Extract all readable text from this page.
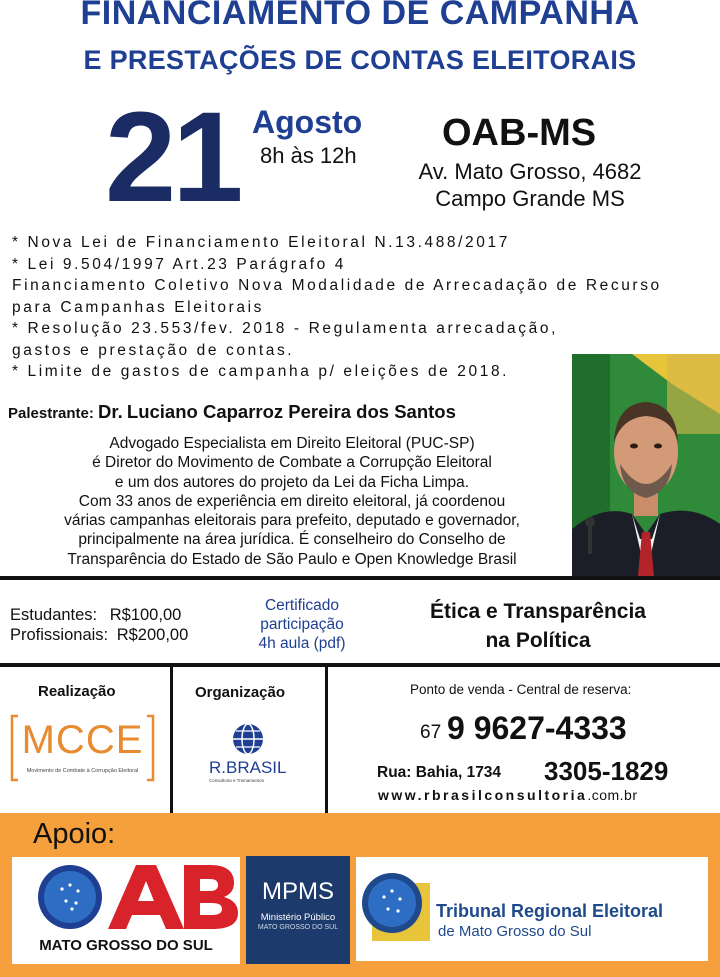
FINANCIAMENTO DE CAMPANHA
E PRESTAÇÕES DE CONTAS ELEITORAIS
21 Agosto
8h às 12h
OAB-MS
Av. Mato Grosso, 4682
Campo Grande MS
* Nova Lei de Financiamento Eleitoral N.13.488/2017
* Lei 9.504/1997 Art.23 Parágrafo 4
Financiamento Coletivo Nova Modalidade de Arrecadação de Recurso
para Campanhas Eleitorais
* Resolução 23.553/fev. 2018 - Regulamenta arrecadação,
gastos e prestação de contas.
* Limite de gastos de campanha p/ eleições de 2018.
Palestrante: Dr. Luciano Caparroz Pereira dos Santos
Advogado Especialista em Direito Eleitoral (PUC-SP)
é Diretor do Movimento de Combate a Corrupção Eleitoral
e um dos autores do projeto da Lei da Ficha Limpa.
Com 33 anos de experiência em direito eleitoral, já coordenou
várias campanhas eleitorais para prefeito, deputado e governador,
principalmente na área jurídica. É conselheiro do Conselho de
Transparência do Estado de São Paulo e Open Knowledge Brasil
Estudantes: R$100,00
Profissionais: R$200,00
Certificado
participação
4h aula (pdf)
Ética e Transparência
na Política
Realização
MCCE
Movimento de Combate à Corrupção Eleitoral
Organização
R.BRASIL
Consultoria e Treinamentos
Ponto de venda - Central de reserva:
67 9 9627-4333
Rua: Bahia, 1734 3305-1829
www.rbrasilconsultoria.com.br
Apoio:
MATO GROSSO DO SUL
MPMS
Ministério Público
MATO GROSSO DO SUL
Tribunal Regional Eleitoral
de Mato Grosso do Sul
